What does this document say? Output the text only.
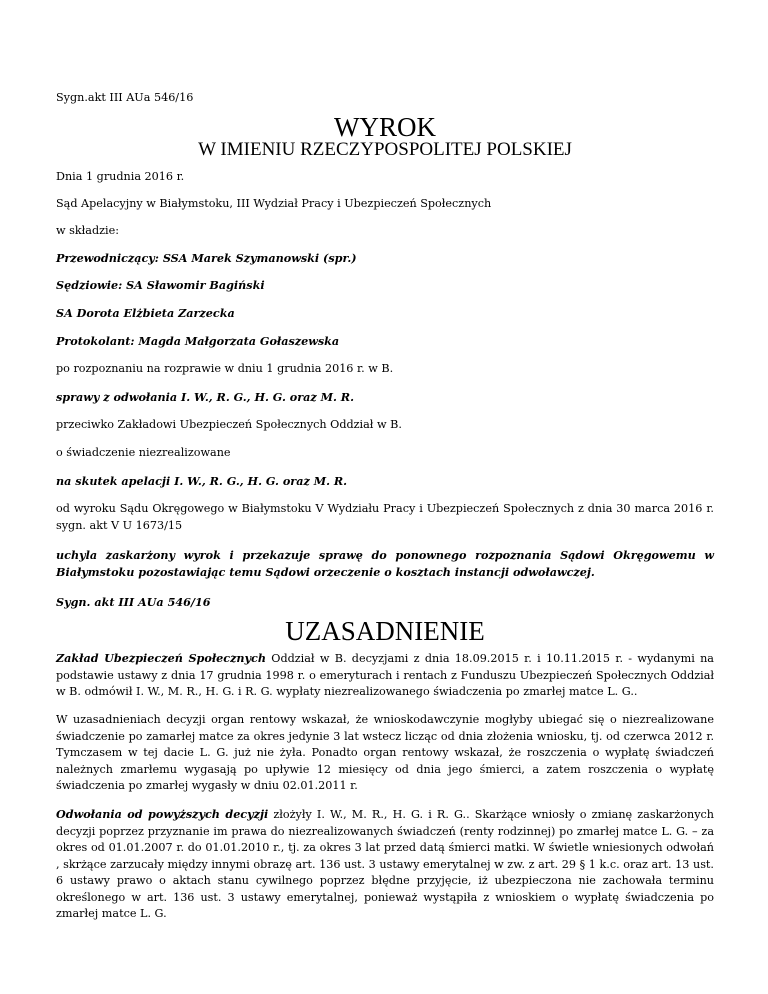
Sygn.akt III AUa 546/16

WYROK
W IMIENIU RZECZYPOSPOLITEJ POLSKIEJ

Dnia 1 grudnia 2016 r.

Sąd Apelacyjny w Białymstoku, III Wydział Pracy i Ubezpieczeń Społecznych

w składzie:

Przewodniczący: SSA Marek Szymanowski (spr.)

Sędziowie: SA Sławomir Bagiński

SA Dorota Elżbieta Zarzecka

Protokolant: Magda Małgorzata Gołaszewska

po rozpoznaniu na rozprawie w dniu 1 grudnia 2016 r. w B.

sprawy z odwołania I. W., R. G., H. G. oraz M. R.

przeciwko Zakładowi Ubezpieczeń Społecznych Oddział w B.

o świadczenie niezrealizowane

na skutek apelacji I. W., R. G., H. G. oraz M. R.

od wyroku Sądu Okręgowego w Białymstoku V Wydziału Pracy i Ubezpieczeń Społecznych z dnia 30 marca 2016 r. sygn. akt V U 1673/15

uchyla zaskarżony wyrok i przekazuje sprawę do ponownego rozpoznania Sądowi Okręgowemu w Białymstoku pozostawiając temu Sądowi orzeczenie o kosztach instancji odwoławczej.

Sygn. akt III AUa 546/16

UZASADNIENIE

Zakład Ubezpieczeń Społecznych Oddział w B. decyzjami z dnia 18.09.2015 r. i 10.11.2015 r. - wydanymi na podstawie ustawy z dnia 17 grudnia 1998 r. o emeryturach i rentach z Funduszu Ubezpieczeń Społecznych Oddział w B. odmówił I. W., M. R., H. G. i R. G. wypłaty niezrealizowanego świadczenia po zmarłej matce L. G..

W uzasadnieniach decyzji organ rentowy wskazał, że wnioskodawczynie mogłyby ubiegać się o niezrealizowane świadczenie po zamarłej matce za okres jedynie 3 lat wstecz licząc od dnia złożenia wniosku, tj. od czerwca 2012 r. Tymczasem w tej dacie L. G. już nie żyła. Ponadto organ rentowy wskazał, że roszczenia o wypłatę świadczeń należnych zmarłemu wygasają po upływie 12 miesięcy od dnia jego śmierci, a zatem roszczenia o wypłatę świadczenia po zmarłej wygasły w dniu 02.01.2011 r.

Odwołania od powyższych decyzji złożyły I. W., M. R., H. G. i R. G.. Skarżące wniosły o zmianę zaskarżonych decyzji poprzez przyznanie im prawa do niezrealizowanych świadczeń (renty rodzinnej) po zmarłej matce L. G. – za okres od 01.01.2007 r. do 01.01.2010 r., tj. za okres 3 lat przed datą śmierci matki. W świetle wniesionych odwołań , skrżące zarzucały między innymi obrazę art. 136 ust. 3 ustawy emerytalnej w zw. z art. 29 § 1 k.c. oraz art. 13 ust. 6 ustawy prawo o aktach stanu cywilnego poprzez błędne przyjęcie, iż ubezpieczona nie zachowała terminu określonego w art. 136 ust. 3 ustawy emerytalnej, ponieważ wystąpiła z wnioskiem o wypłatę świadczenia po zmarłej matce L. G.
